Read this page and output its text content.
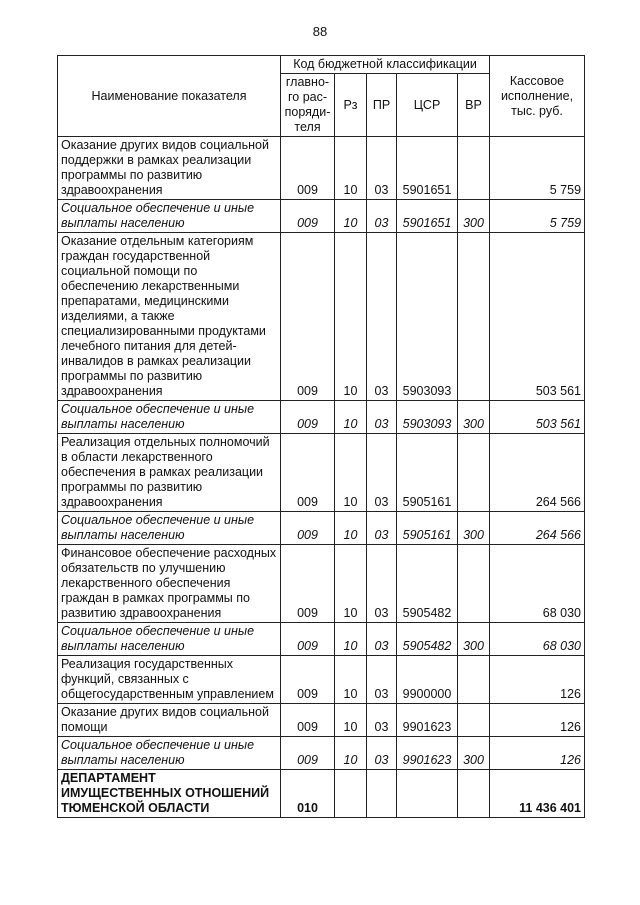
88
Наименование показателя	Код бюджетной классификации					Кассовое исполнение, тыс. руб.
	главно-
го рас-
поряди-
теля	Рз	ПР	ЦСР	ВР	
Оказание других видов социальной поддержки в рамках реализации программы по развитию здравоохранения	009	10	03	5901651		5 759
Социальное обеспечение и иные выплаты населению	009	10	03	5901651	300	5 759
Оказание отдельным категориям граждан государственной социальной помощи по обеспечению лекарственными препаратами, медицинскими изделиями, а также специализированными продуктами лечебного питания для детей-инвалидов в рамках реализации программы по развитию здравоохранения	009	10	03	5903093		503 561
Социальное обеспечение и иные выплаты населению	009	10	03	5903093	300	503 561
Реализация отдельных полномочий в области лекарственного обеспечения в рамках реализации программы по развитию здравоохранения	009	10	03	5905161		264 566
Социальное обеспечение и иные выплаты населению	009	10	03	5905161	300	264 566
Финансовое обеспечение расходных обязательств по улучшению лекарственного обеспечения граждан в рамках программы по развитию здравоохранения	009	10	03	5905482		68 030
Социальное обеспечение и иные выплаты населению	009	10	03	5905482	300	68 030
Реализация государственных функций, связанных с общегосударственным управлением	009	10	03	9900000		126
Оказание других видов социальной помощи	009	10	03	9901623		126
Социальное обеспечение и иные выплаты населению	009	10	03	9901623	300	126
ДЕПАРТАМЕНТ ИМУЩЕСТВЕННЫХ ОТНОШЕНИЙ ТЮМЕНСКОЙ ОБЛАСТИ	010					11 436 401
